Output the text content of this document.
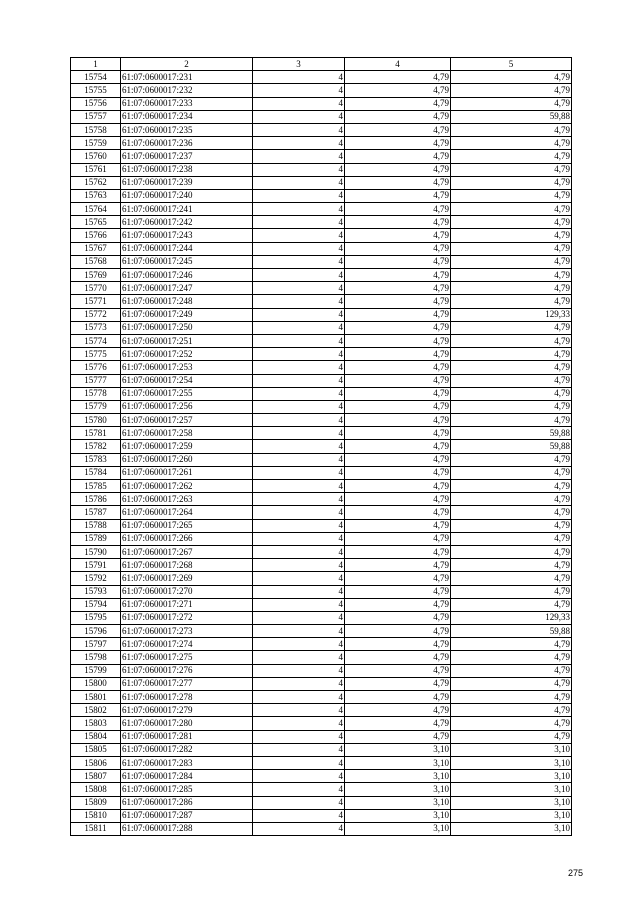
1	2	3	4	5
15754	61:07:0600017:231	4	4,79	4,79
15755	61:07:0600017:232	4	4,79	4,79
15756	61:07:0600017:233	4	4,79	4,79
15757	61:07:0600017:234	4	4,79	59,88
15758	61:07:0600017:235	4	4,79	4,79
15759	61:07:0600017:236	4	4,79	4,79
15760	61:07:0600017:237	4	4,79	4,79
15761	61:07:0600017:238	4	4,79	4,79
15762	61:07:0600017:239	4	4,79	4,79
15763	61:07:0600017:240	4	4,79	4,79
15764	61:07:0600017:241	4	4,79	4,79
15765	61:07:0600017:242	4	4,79	4,79
15766	61:07:0600017:243	4	4,79	4,79
15767	61:07:0600017:244	4	4,79	4,79
15768	61:07:0600017:245	4	4,79	4,79
15769	61:07:0600017:246	4	4,79	4,79
15770	61:07:0600017:247	4	4,79	4,79
15771	61:07:0600017:248	4	4,79	4,79
15772	61:07:0600017:249	4	4,79	129,33
15773	61:07:0600017:250	4	4,79	4,79
15774	61:07:0600017:251	4	4,79	4,79
15775	61:07:0600017:252	4	4,79	4,79
15776	61:07:0600017:253	4	4,79	4,79
15777	61:07:0600017:254	4	4,79	4,79
15778	61:07:0600017:255	4	4,79	4,79
15779	61:07:0600017:256	4	4,79	4,79
15780	61:07:0600017:257	4	4,79	4,79
15781	61:07:0600017:258	4	4,79	59,88
15782	61:07:0600017:259	4	4,79	59,88
15783	61:07:0600017:260	4	4,79	4,79
15784	61:07:0600017:261	4	4,79	4,79
15785	61:07:0600017:262	4	4,79	4,79
15786	61:07:0600017:263	4	4,79	4,79
15787	61:07:0600017:264	4	4,79	4,79
15788	61:07:0600017:265	4	4,79	4,79
15789	61:07:0600017:266	4	4,79	4,79
15790	61:07:0600017:267	4	4,79	4,79
15791	61:07:0600017:268	4	4,79	4,79
15792	61:07:0600017:269	4	4,79	4,79
15793	61:07:0600017:270	4	4,79	4,79
15794	61:07:0600017:271	4	4,79	4,79
15795	61:07:0600017:272	4	4,79	129,33
15796	61:07:0600017:273	4	4,79	59,88
15797	61:07:0600017:274	4	4,79	4,79
15798	61:07:0600017:275	4	4,79	4,79
15799	61:07:0600017:276	4	4,79	4,79
15800	61:07:0600017:277	4	4,79	4,79
15801	61:07:0600017:278	4	4,79	4,79
15802	61:07:0600017:279	4	4,79	4,79
15803	61:07:0600017:280	4	4,79	4,79
15804	61:07:0600017:281	4	4,79	4,79
15805	61:07:0600017:282	4	3,10	3,10
15806	61:07:0600017:283	4	3,10	3,10
15807	61:07:0600017:284	4	3,10	3,10
15808	61:07:0600017:285	4	3,10	3,10
15809	61:07:0600017:286	4	3,10	3,10
15810	61:07:0600017:287	4	3,10	3,10
15811	61:07:0600017:288	4	3,10	3,10
275
